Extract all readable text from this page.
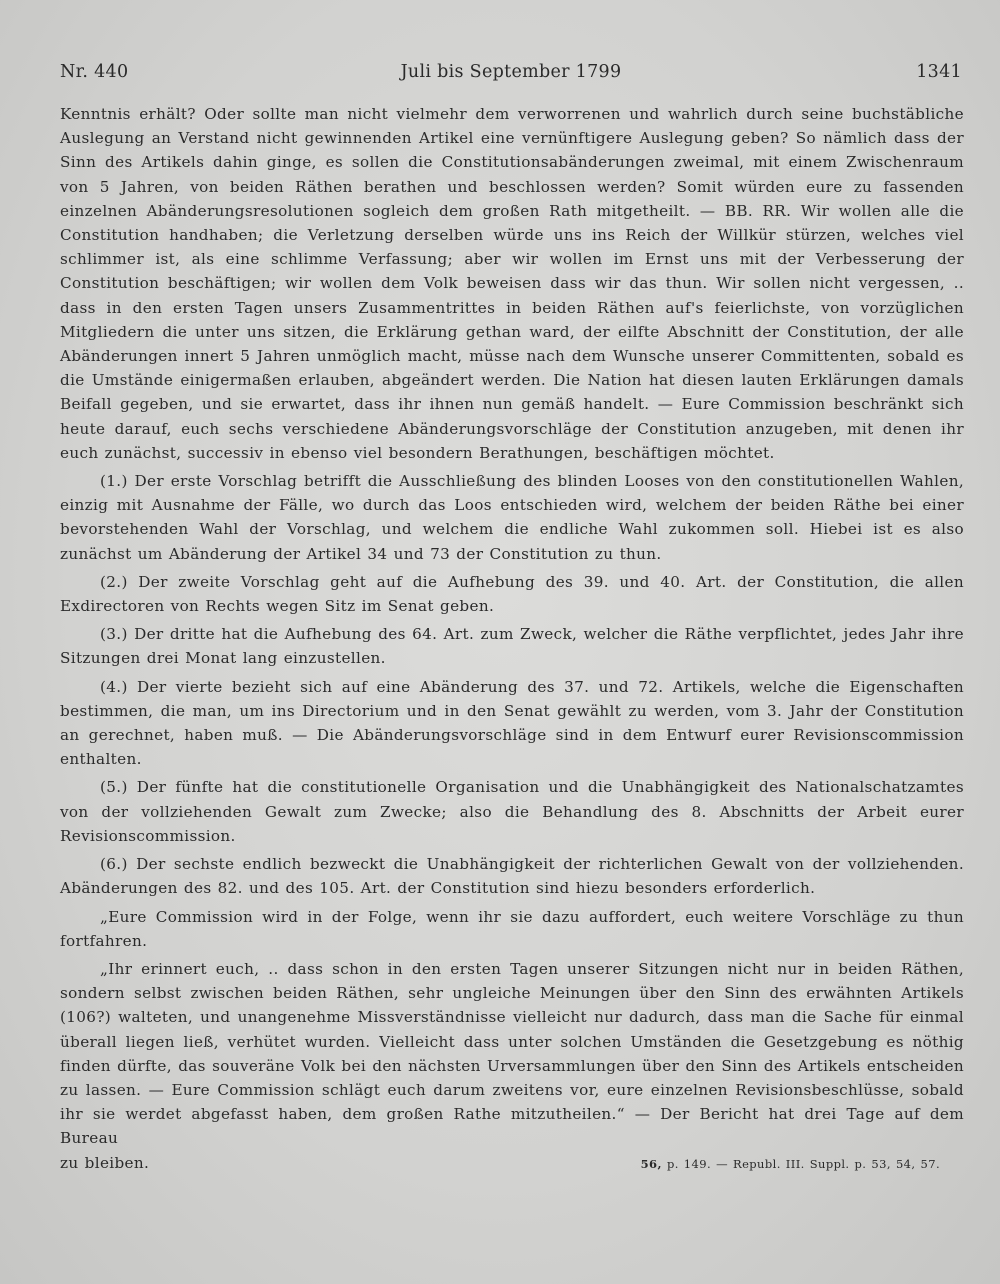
Nr. 440	Juli bis September 1799	1341

Kenntnis erhält? Oder sollte man nicht vielmehr dem verworrenen und wahrlich durch seine buchstäbliche Auslegung an Verstand nicht gewinnenden Artikel eine vernünftigere Auslegung geben? So nämlich dass der Sinn des Artikels dahin ginge, es sollen die Constitutionsabänderungen zweimal, mit einem Zwischenraum von 5 Jahren, von beiden Räthen berathen und beschlossen werden? Somit würden eure zu fassenden einzelnen Abänderungsresolutionen sogleich dem großen Rath mitgetheilt. — BB. RR. Wir wollen alle die Constitution handhaben; die Verletzung derselben würde uns ins Reich der Willkür stürzen, welches viel schlimmer ist, als eine schlimme Verfassung; aber wir wollen im Ernst uns mit der Verbesserung der Constitution beschäftigen; wir wollen dem Volk beweisen dass wir das thun. Wir sollen nicht vergessen, .. dass in den ersten Tagen unsers Zusammentrittes in beiden Räthen auf's feierlichste, von vorzüglichen Mitgliedern die unter uns sitzen, die Erklärung gethan ward, der eilfte Abschnitt der Constitution, der alle Abänderungen innert 5 Jahren unmöglich macht, müsse nach dem Wunsche unserer Committenten, sobald es die Umstände einigermaßen erlauben, abgeändert werden. Die Nation hat diesen lauten Erklärungen damals Beifall gegeben, und sie erwartet, dass ihr ihnen nun gemäß handelt. — Eure Commission beschränkt sich heute darauf, euch sechs verschiedene Abänderungsvorschläge der Constitution anzugeben, mit denen ihr euch zunächst, successiv in ebenso viel besondern Berathungen, beschäftigen möchtet.

(1.) Der erste Vorschlag betrifft die Ausschließung des blinden Looses von den constitutionellen Wahlen, einzig mit Ausnahme der Fälle, wo durch das Loos entschieden wird, welchem der beiden Räthe bei einer bevorstehenden Wahl der Vorschlag, und welchem die endliche Wahl zukommen soll. Hiebei ist es also zunächst um Abänderung der Artikel 34 und 73 der Constitution zu thun.

(2.) Der zweite Vorschlag geht auf die Aufhebung des 39. und 40. Art. der Constitution, die allen Exdirectoren von Rechts wegen Sitz im Senat geben.

(3.) Der dritte hat die Aufhebung des 64. Art. zum Zweck, welcher die Räthe verpflichtet, jedes Jahr ihre Sitzungen drei Monat lang einzustellen.

(4.) Der vierte bezieht sich auf eine Abänderung des 37. und 72. Artikels, welche die Eigenschaften bestimmen, die man, um ins Directorium und in den Senat gewählt zu werden, vom 3. Jahr der Constitution an gerechnet, haben muß. — Die Abänderungsvorschläge sind in dem Entwurf eurer Revisionscommission enthalten.

(5.) Der fünfte hat die constitutionelle Organisation und die Unabhängigkeit des Nationalschatzamtes von der vollziehenden Gewalt zum Zwecke; also die Behandlung des 8. Abschnitts der Arbeit eurer Revisionscommission.

(6.) Der sechste endlich bezweckt die Unabhängigkeit der richterlichen Gewalt von der vollziehenden. Abänderungen des 82. und des 105. Art. der Constitution sind hiezu besonders erforderlich.

„Eure Commission wird in der Folge, wenn ihr sie dazu auffordert, euch weitere Vorschläge zu thun fortfahren.

„Ihr erinnert euch, .. dass schon in den ersten Tagen unserer Sitzungen nicht nur in beiden Räthen, sondern selbst zwischen beiden Räthen, sehr ungleiche Meinungen über den Sinn des erwähnten Artikels (106?) walteten, und unangenehme Missverständnisse vielleicht nur dadurch, dass man die Sache für einmal überall liegen ließ, verhütet wurden. Vielleicht dass unter solchen Umständen die Gesetzgebung es nöthig finden dürfte, das souveräne Volk bei den nächsten Urversammlungen über den Sinn des Artikels entscheiden zu lassen. — Eure Commission schlägt euch darum zweitens vor, eure einzelnen Revisionsbeschlüsse, sobald ihr sie werdet abgefasst haben, dem großen Rathe mitzutheilen.“ — Der Bericht hat drei Tage auf dem Bureau

zu bleiben.	56, p. 149. — Republ. III. Suppl. p. 53, 54, 57.
